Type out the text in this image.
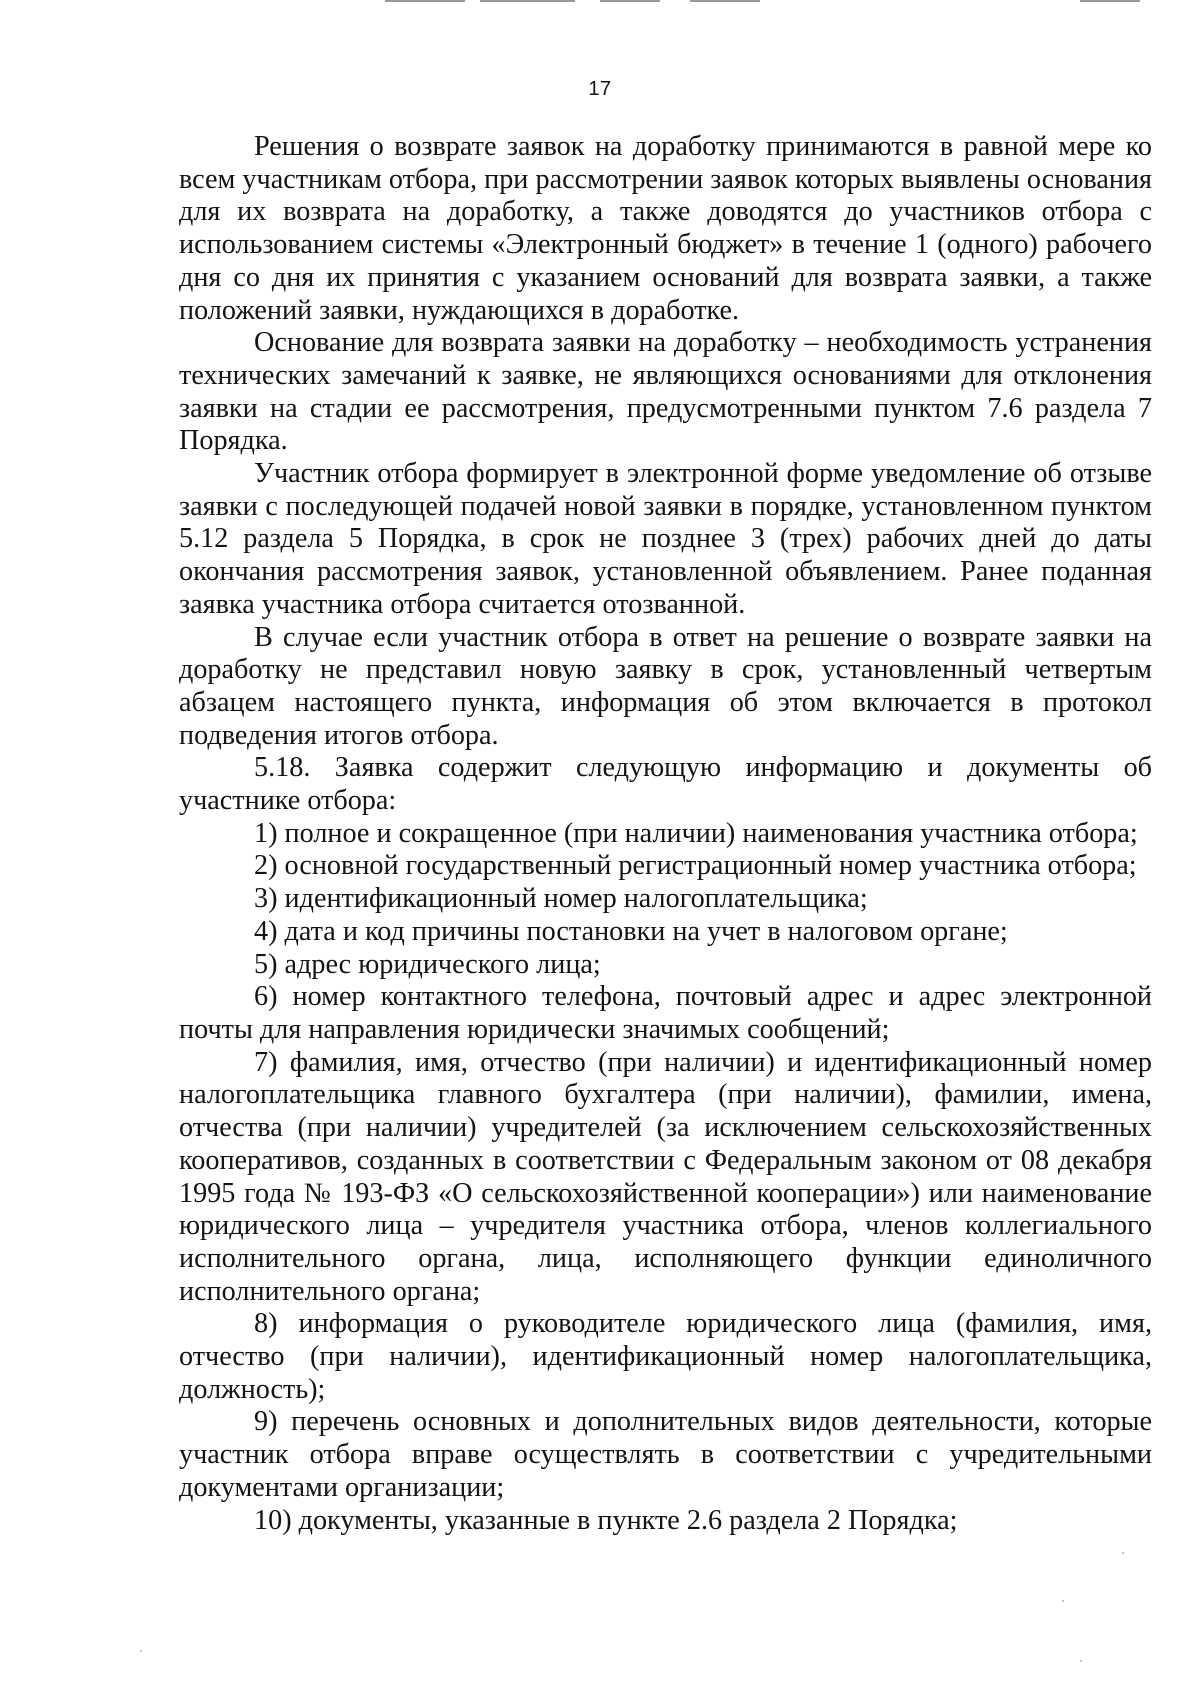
17

Решения о возврате заявок на доработку принимаются в равной мере ко всем участникам отбора, при рассмотрении заявок которых выявлены основания для их возврата на доработку, а также доводятся до участников отбора с использованием системы «Электронный бюджет» в течение 1 (одного) рабочего дня со дня их принятия с указанием оснований для возврата заявки, а также положений заявки, нуждающихся в доработке.

Основание для возврата заявки на доработку – необходимость устранения технических замечаний к заявке, не являющихся основаниями для отклонения заявки на стадии ее рассмотрения, предусмотренными пунктом 7.6 раздела 7 Порядка.

Участник отбора формирует в электронной форме уведомление об отзыве заявки с последующей подачей новой заявки в порядке, установленном пунктом 5.12 раздела 5 Порядка, в срок не позднее 3 (трех) рабочих дней до даты окончания рассмотрения заявок, установленной объявлением. Ранее поданная заявка участника отбора считается отозванной.

В случае если участник отбора в ответ на решение о возврате заявки на доработку не представил новую заявку в срок, установленный четвертым абзацем настоящего пункта, информация об этом включается в протокол подведения итогов отбора.

5.18. Заявка содержит следующую информацию и документы об участнике отбора:

1) полное и сокращенное (при наличии) наименования участника отбора;

2) основной государственный регистрационный номер участника отбора;

3) идентификационный номер налогоплательщика;

4) дата и код причины постановки на учет в налоговом органе;

5) адрес юридического лица;

6) номер контактного телефона, почтовый адрес и адрес электронной почты для направления юридически значимых сообщений;

7) фамилия, имя, отчество (при наличии) и идентификационный номер налогоплательщика главного бухгалтера (при наличии), фамилии, имена, отчества (при наличии) учредителей (за исключением сельскохозяйственных кооперативов, созданных в соответствии с Федеральным законом от 08 декабря 1995 года № 193-ФЗ «О сельскохозяйственной кооперации») или наименование юридического лица – учредителя участника отбора, членов коллегиального исполнительного органа, лица, исполняющего функции единоличного исполнительного органа;

8) информация о руководителе юридического лица (фамилия, имя, отчество (при наличии), идентификационный номер налогоплательщика, должность);

9) перечень основных и дополнительных видов деятельности, которые участник отбора вправе осуществлять в соответствии с учредительными документами организации;

10) документы, указанные в пункте 2.6 раздела 2 Порядка;
